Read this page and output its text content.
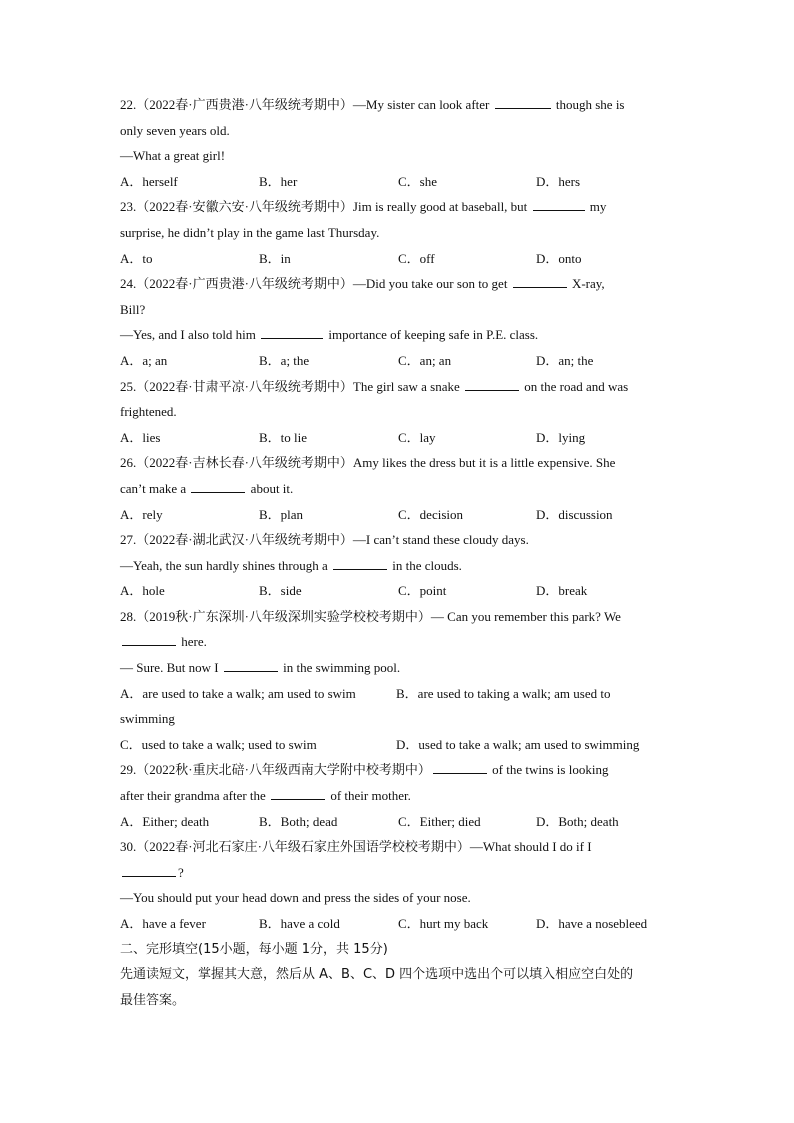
22.（2022春·广西贵港·八年级统考期中）—My sister can look after	though she is
only seven years old.
—What a great girl!
A．herself	B．her	C．she	D．hers
23.（2022春·安徽六安·八年级统考期中）Jim is really good at baseball, but	my
surprise, he didn’t play in the game last Thursday.
A．to	B．in	C．off	D．onto
24.（2022春·广西贵港·八年级统考期中）—Did you take our son to get	X-ray,
Bill?
—Yes, and I also told him	importance of keeping safe in P.E. class.
A．a; an	B．a; the	C．an; an	D．an; the
25.（2022春·甘肃平凉·八年级统考期中）The girl saw a snake	on the road and was
frightened.
A．lies	B．to lie	C．lay	D．lying
26.（2022春·吉林长春·八年级统考期中）Amy likes the dress but it is a little expensive. She
can’t make a	about it.
A．rely	B．plan	C．decision	D．discussion
27.（2022春·湖北武汉·八年级统考期中）—I can’t stand these cloudy days.
—Yeah, the sun hardly shines through a	in the clouds.
A．hole	B．side	C．point	D．break
28.（2019秋·广东深圳·八年级深圳实验学校校考期中）— Can you remember this park? We
here.
— Sure. But now I	in the swimming pool.
A．are used to take a walk; am used to swim	B．are used to taking a walk; am used to
swimming
C．used to take a walk; used to swim	D．used to take a walk; am used to swimming
29.（2022秋·重庆北碚·八年级西南大学附中校考期中）	of the twins is looking
after their grandma after the	of their mother.
A．Either; death	B．Both; dead	C．Either; died	D．Both; death
30.（2022春·河北石家庄·八年级石家庄外国语学校校考期中）—What should I do if I
?
—You should put your head down and press the sides of your nose.
A．have a fever	B．have a cold	C．hurt my back	D．have a nosebleed
二、完形填空(15小题，每小题 1分，共 15分)
先通读短文，掌握其大意，然后从 A、B、C、D 四个选项中选出个可以填入相应空白处的
最佳答案。
